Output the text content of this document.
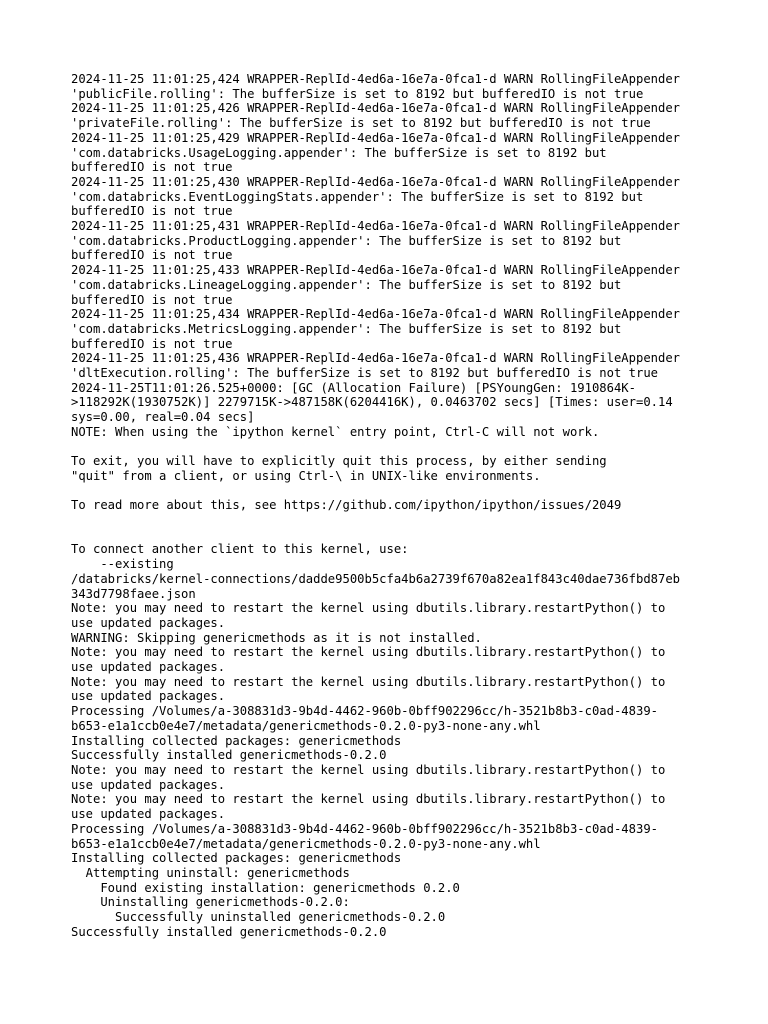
2024-11-25 11:01:25,424 WRAPPER-ReplId-4ed6a-16e7a-0fca1-d WARN RollingFileAppender
'publicFile.rolling': The bufferSize is set to 8192 but bufferedIO is not true
2024-11-25 11:01:25,426 WRAPPER-ReplId-4ed6a-16e7a-0fca1-d WARN RollingFileAppender
'privateFile.rolling': The bufferSize is set to 8192 but bufferedIO is not true
2024-11-25 11:01:25,429 WRAPPER-ReplId-4ed6a-16e7a-0fca1-d WARN RollingFileAppender
'com.databricks.UsageLogging.appender': The bufferSize is set to 8192 but
bufferedIO is not true
2024-11-25 11:01:25,430 WRAPPER-ReplId-4ed6a-16e7a-0fca1-d WARN RollingFileAppender
'com.databricks.EventLoggingStats.appender': The bufferSize is set to 8192 but
bufferedIO is not true
2024-11-25 11:01:25,431 WRAPPER-ReplId-4ed6a-16e7a-0fca1-d WARN RollingFileAppender
'com.databricks.ProductLogging.appender': The bufferSize is set to 8192 but
bufferedIO is not true
2024-11-25 11:01:25,433 WRAPPER-ReplId-4ed6a-16e7a-0fca1-d WARN RollingFileAppender
'com.databricks.LineageLogging.appender': The bufferSize is set to 8192 but
bufferedIO is not true
2024-11-25 11:01:25,434 WRAPPER-ReplId-4ed6a-16e7a-0fca1-d WARN RollingFileAppender
'com.databricks.MetricsLogging.appender': The bufferSize is set to 8192 but
bufferedIO is not true
2024-11-25 11:01:25,436 WRAPPER-ReplId-4ed6a-16e7a-0fca1-d WARN RollingFileAppender
'dltExecution.rolling': The bufferSize is set to 8192 but bufferedIO is not true
2024-11-25T11:01:26.525+0000: [GC (Allocation Failure) [PSYoungGen: 1910864K-
>118292K(1930752K)] 2279715K->487158K(6204416K), 0.0463702 secs] [Times: user=0.14
sys=0.00, real=0.04 secs]
NOTE: When using the `ipython kernel` entry point, Ctrl-C will not work.
To exit, you will have to explicitly quit this process, by either sending
"quit" from a client, or using Ctrl-\ in UNIX-like environments.
To read more about this, see https://github.com/ipython/ipython/issues/2049
To connect another client to this kernel, use:
--existing
/databricks/kernel-connections/dadde9500b5cfa4b6a2739f670a82ea1f843c40dae736fbd87eb
343d7798faee.json
Note: you may need to restart the kernel using dbutils.library.restartPython() to
use updated packages.
WARNING: Skipping genericmethods as it is not installed.
Note: you may need to restart the kernel using dbutils.library.restartPython() to
use updated packages.
Note: you may need to restart the kernel using dbutils.library.restartPython() to
use updated packages.
Processing /Volumes/a-308831d3-9b4d-4462-960b-0bff902296cc/h-3521b8b3-c0ad-4839-
b653-e1a1ccb0e4e7/metadata/genericmethods-0.2.0-py3-none-any.whl
Installing collected packages: genericmethods
Successfully installed genericmethods-0.2.0
Note: you may need to restart the kernel using dbutils.library.restartPython() to
use updated packages.
Note: you may need to restart the kernel using dbutils.library.restartPython() to
use updated packages.
Processing /Volumes/a-308831d3-9b4d-4462-960b-0bff902296cc/h-3521b8b3-c0ad-4839-
b653-e1a1ccb0e4e7/metadata/genericmethods-0.2.0-py3-none-any.whl
Installing collected packages: genericmethods
Attempting uninstall: genericmethods
Found existing installation: genericmethods 0.2.0
Uninstalling genericmethods-0.2.0:
Successfully uninstalled genericmethods-0.2.0
Successfully installed genericmethods-0.2.0
